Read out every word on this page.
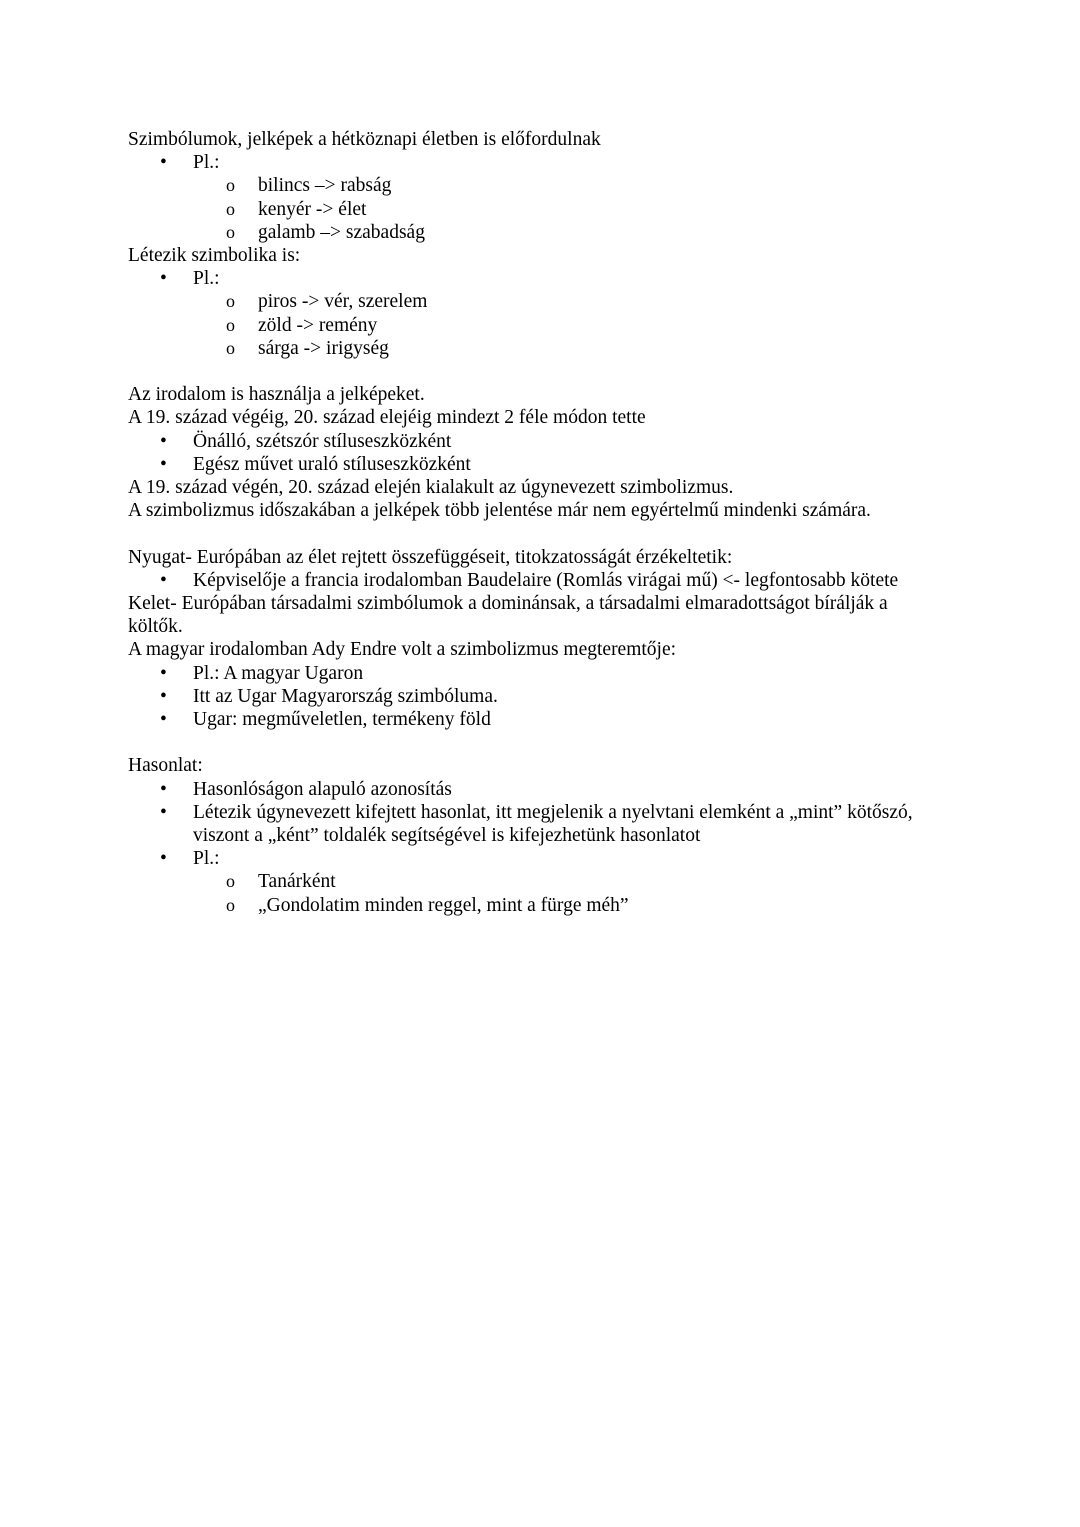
Szimbólumok, jelképek a hétköznapi életben is előfordulnak
• Pl.:
o bilincs –> rabság
o kenyér -> élet
o galamb –> szabadság
Létezik szimbolika is:
• Pl.:
o piros -> vér, szerelem
o zöld -> remény
o sárga -> irigység
Az irodalom is használja a jelképeket.
A 19. század végéig, 20. század elejéig mindezt 2 féle módon tette
• Önálló, szétszór stíluseszközként
• Egész művet uraló stíluseszközként
A 19. század végén, 20. század elején kialakult az úgynevezett szimbolizmus.
A szimbolizmus időszakában a jelképek több jelentése már nem egyértelmű mindenki számára.
Nyugat- Európában az élet rejtett összefüggéseit, titokzatosságát érzékeltetik:
• Képviselője a francia irodalomban Baudelaire (Romlás virágai mű) <- legfontosabb kötete
Kelet- Európában társadalmi szimbólumok a dominánsak, a társadalmi elmaradottságot bírálják a
költők.
A magyar irodalomban Ady Endre volt a szimbolizmus megteremtője:
• Pl.: A magyar Ugaron
• Itt az Ugar Magyarország szimbóluma.
• Ugar: megműveletlen, termékeny föld
Hasonlat:
• Hasonlóságon alapuló azonosítás
• Létezik úgynevezett kifejtett hasonlat, itt megjelenik a nyelvtani elemként a „mint” kötőszó,
viszont a „ként” toldalék segítségével is kifejezhetünk hasonlatot
• Pl.:
o Tanárként
o „Gondolatim minden reggel, mint a fürge méh”
